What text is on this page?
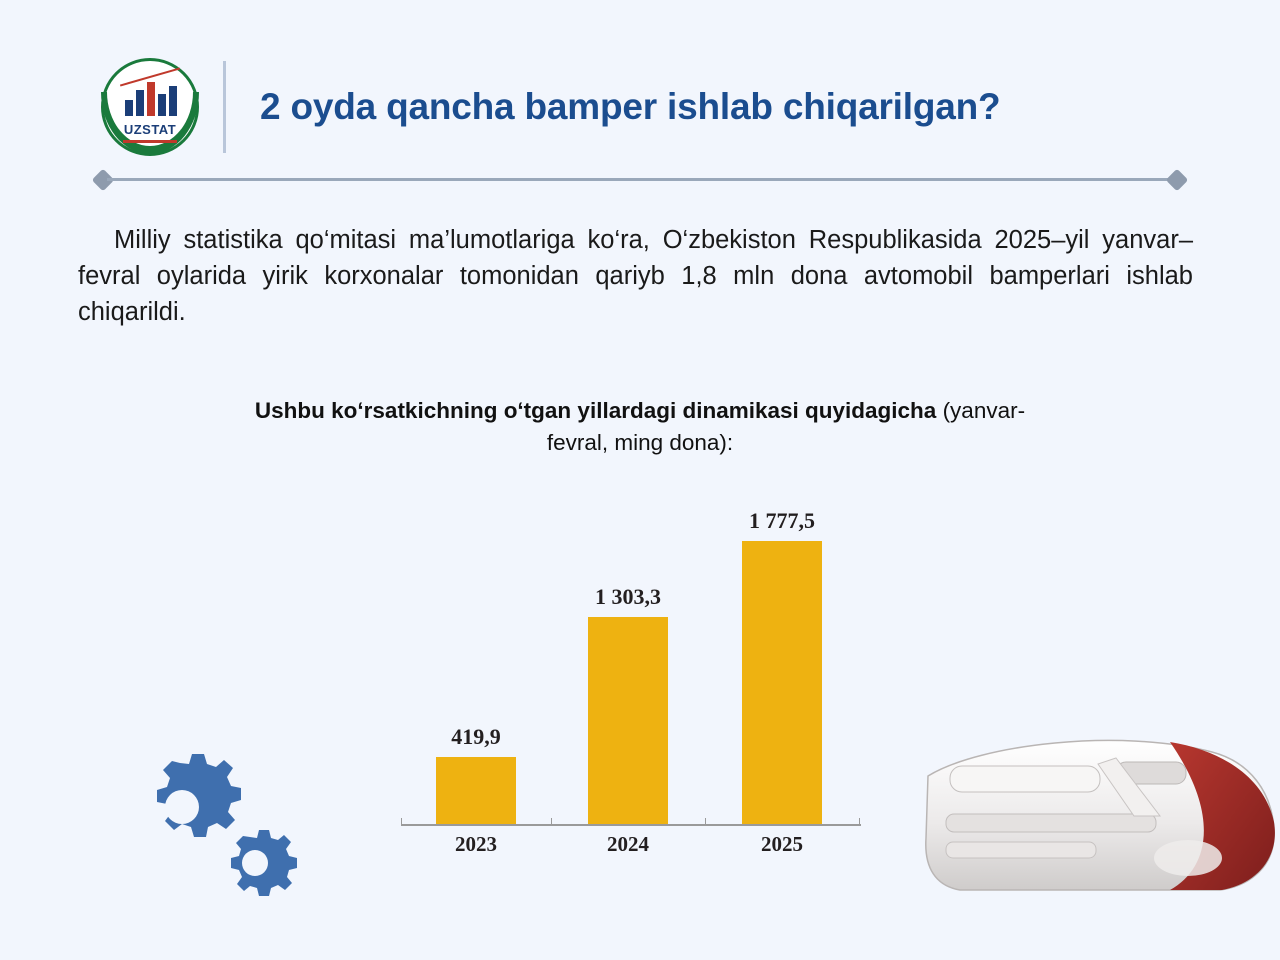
UZSTAT
2 oyda qancha bamper ishlab chiqarilgan?
Milliy statistika qo‘mitasi ma’lumotlariga ko‘ra, O‘zbekiston Respublikasida 2025–yil yanvar–fevral oylarida yirik korxonalar tomonidan qariyb 1,8 mln dona avtomobil bamperlari ishlab chiqarildi.
Ushbu ko‘rsatkichning o‘tgan yillardagi dinamikasi quyidagicha (yanvar-fevral, ming dona):
419,9
1 303,3
1 777,5
2023	2024	2025
